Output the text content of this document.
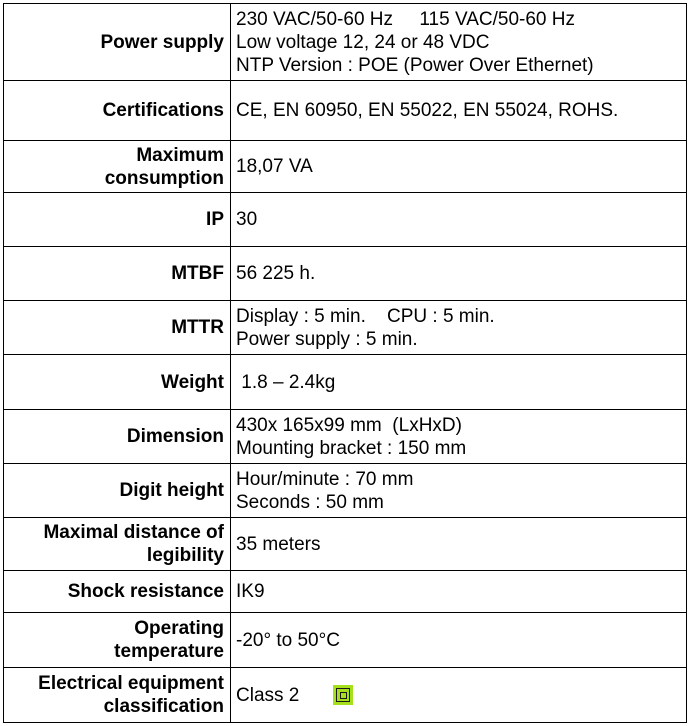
Power supply	230 VAC/50-60 Hz     115 VAC/50-60 Hz
Low voltage 12, 24 or 48 VDC
NTP Version : POE (Power Over Ethernet)

Certifications	CE, EN 60950, EN 55022, EN 55024, ROHS.

Maximum
consumption	18,07 VA

IP	30

MTBF	56 225 h.

MTTR	Display : 5 min.    CPU : 5 min.
Power supply : 5 min.

Weight	1.8 – 2.4kg

Dimension	430x 165x99 mm  (LxHxD)
Mounting bracket : 150 mm

Digit height	Hour/minute : 70 mm
Seconds : 50 mm

Maximal distance of
legibility	35 meters

Shock resistance	IK9

Operating
temperature	-20° to 50°C

Electrical equipment
classification	Class 2
